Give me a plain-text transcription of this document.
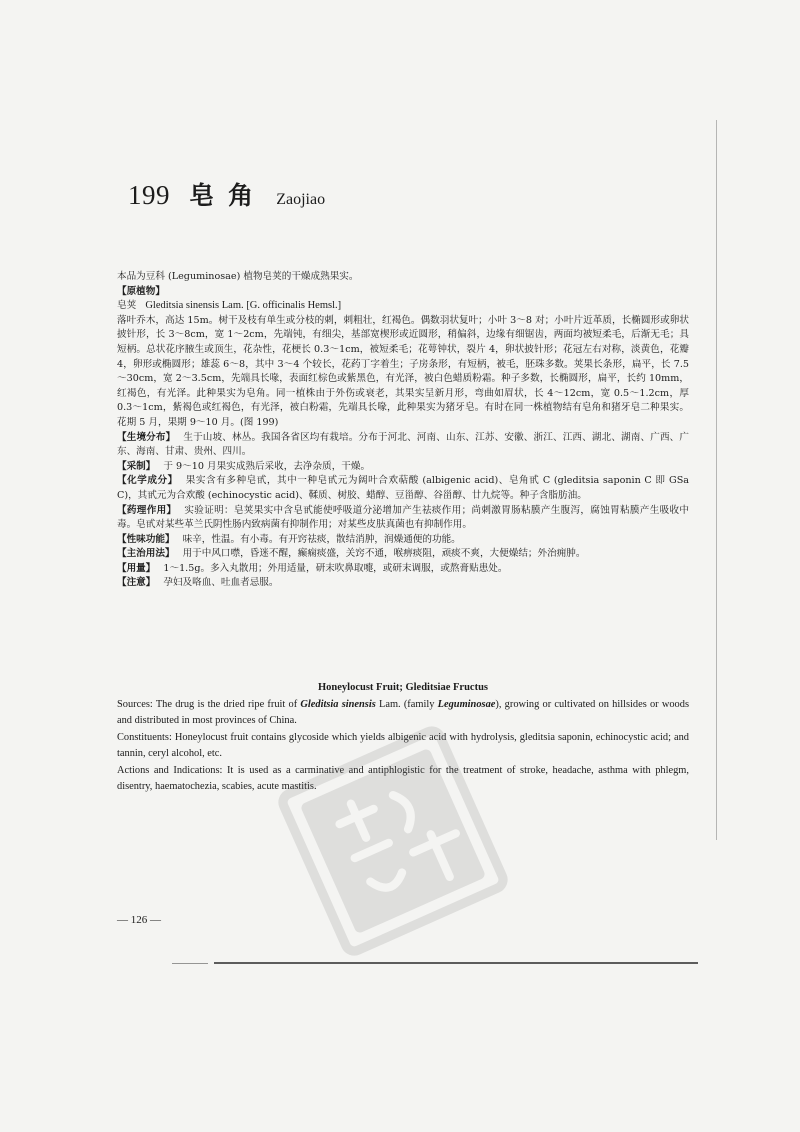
199 皂角 Zaojiao

本品为豆科 (Leguminosae) 植物皂荚的干燥成熟果实。

【原植物】

皂荚 Gleditsia sinensis Lam. [G. officinalis Hemsl.]

落叶乔木，高达 15m。树干及枝有单生或分枝的刺，刺粗壮，红褐色。偶数羽状复叶；小叶 3～8 对；小叶片近革质，长椭圆形或卵状披针形，长 3～8cm，宽 1～2cm，先端钝，有细尖，基部宽楔形或近圆形，稍偏斜，边缘有细锯齿，两面均被短柔毛，后渐无毛；具短柄。总状花序腋生或顶生，花杂性，花梗长 0.3～1cm，被短柔毛；花萼钟状，裂片 4，卵状披针形；花冠左右对称，淡黄色，花瓣 4，卵形或椭圆形；雄蕊 6～8，其中 3～4 个较长，花药丁字着生；子房条形，有短柄，被毛，胚珠多数。荚果长条形，扁平，长 7.5～30cm，宽 2～3.5cm，先端具长喙，表面红棕色或紫黑色，有光泽，被白色蜡质粉霜。种子多数，长椭圆形，扁平，长约 10mm，红褐色，有光泽。此种果实为皂角。同一植株由于外伤或衰老，其果实呈新月形，弯曲如眉状，长 4～12cm，宽 0.5～1.2cm，厚 0.3～1cm，紫褐色或红褐色，有光泽，被白粉霜，先端具长喙，此种果实为猪牙皂。有时在同一株植物结有皂角和猪牙皂二种果实。花期 5 月，果期 9～10 月。(图 199)

【生境分布】 生于山坡、林丛。我国各省区均有栽培。分布于河北、河南、山东、江苏、安徽、浙江、江西、湖北、湖南、广西、广东、海南、甘肃、贵州、四川。

【采制】 于 9～10 月果实成熟后采收，去净杂质，干燥。

【化学成分】 果实含有多种皂甙，其中一种皂甙元为阔叶合欢萜酸 (albigenic acid)、皂角甙 C (gleditsia saponin C 即 GSa C)，其甙元为合欢酸 (echinocystic acid)、鞣质、树胶、蜡醇、豆甾醇、谷甾醇、廿九烷等。种子含脂肪油。

【药理作用】 实验证明：皂荚果实中含皂甙能使呼吸道分泌增加产生祛痰作用；尚刺激胃肠粘膜产生腹泻，腐蚀胃粘膜产生吸收中毒。皂甙对某些革兰氏阴性肠内致病菌有抑制作用；对某些皮肤真菌也有抑制作用。

【性味功能】 味辛，性温。有小毒。有开窍祛痰，散结消肿，润燥通便的功能。

【主治用法】 用于中风口噤，昏迷不醒，癫痫痰盛，关窍不通，喉痹痰阻，顽痰不爽，大便燥结；外治痈肿。

【用量】 1～1.5g。多入丸散用；外用适量，研末吹鼻取嚏，或研末调服，或熬膏贴患处。

【注意】 孕妇及咯血、吐血者忌服。

Honeylocust Fruit; Gleditsiae Fructus

Sources: The drug is the dried ripe fruit of Gleditsia sinensis Lam. (family Leguminosae), growing or cultivated on hillsides or woods and distributed in most provinces of China.

Constituents: Honeylocust fruit contains glycoside which yields albigenic acid with hydrolysis, gleditsia saponin, echinocystic acid; and tannin, ceryl alcohol, etc.

Actions and Indications: It is used as a carminative and antiphlogistic for the treatment of stroke, headache, asthma with phlegm, disentry, haematochezia, scabies, acute mastitis.

— 126 —
